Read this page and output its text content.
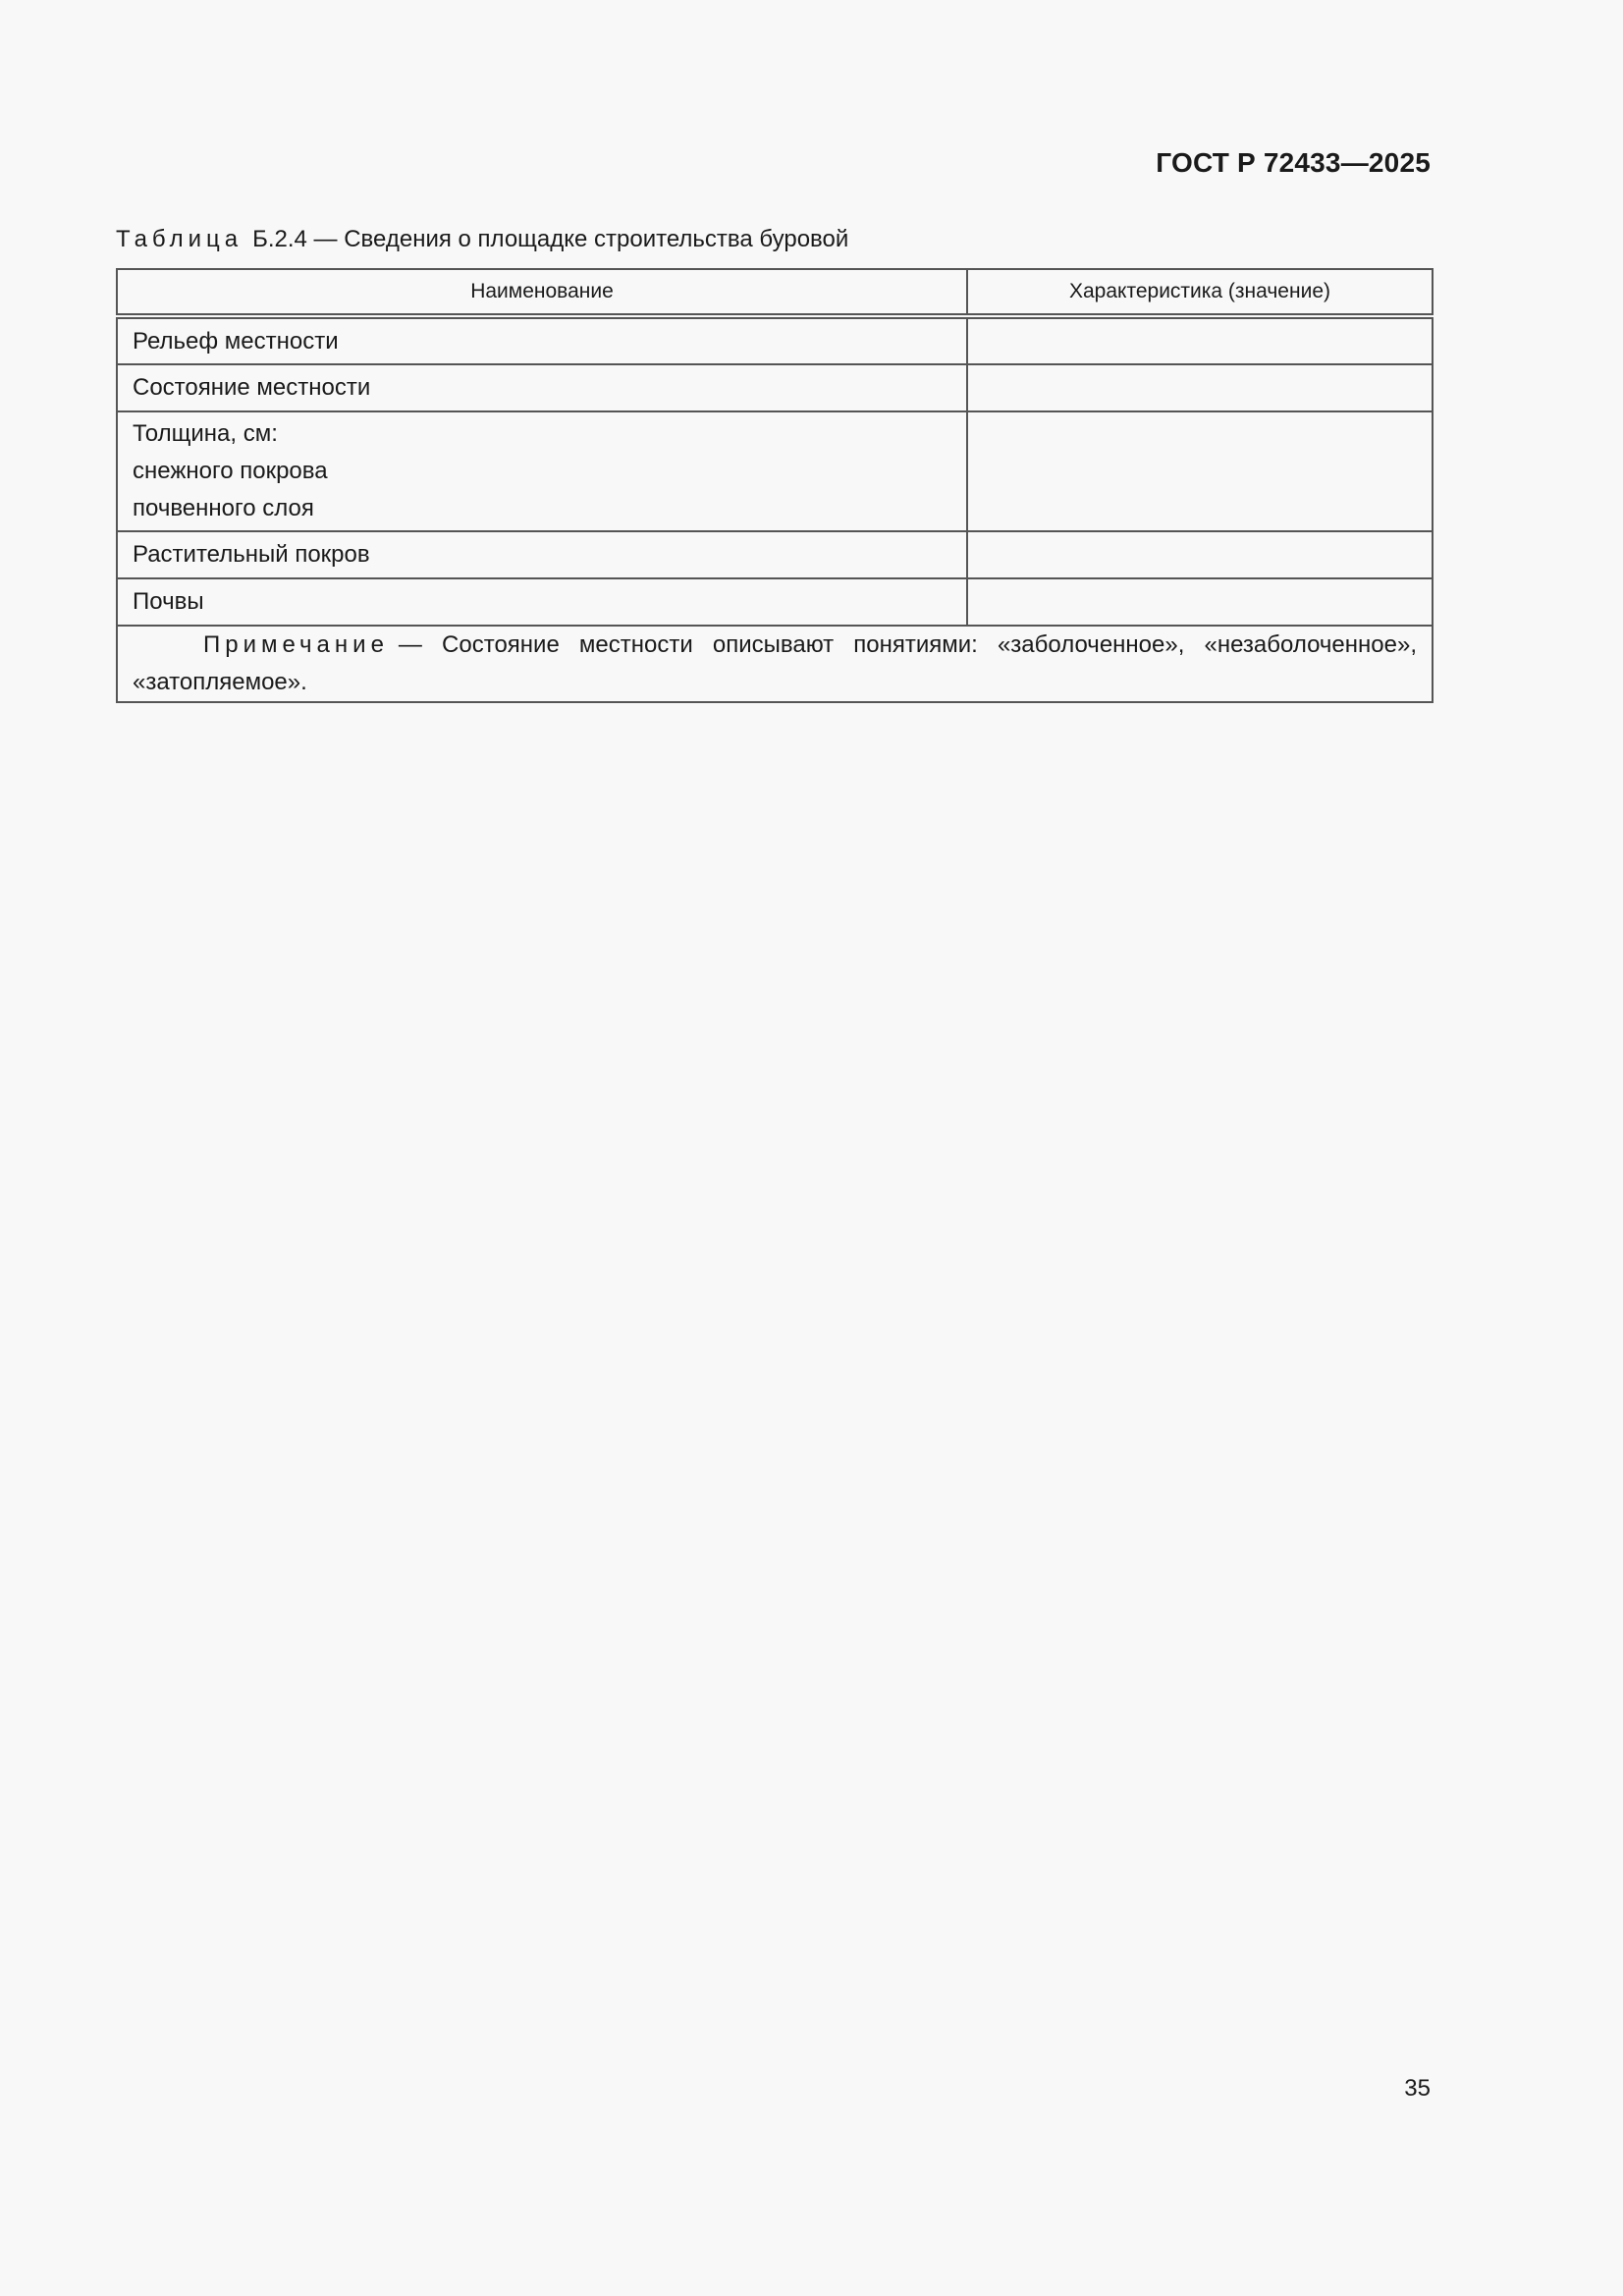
ГОСТ Р 72433—2025
Таблица Б.2.4 — Сведения о площадке строительства буровой
Наименование	Характеристика (значение)
Рельеф местности	
Состояние местности	

Толщина, см:
снежного покрова
почвенного слоя	

Растительный покров	
Почвы	
Примечание — Состояние местности описывают понятиями: «заболоченное», «незаболоченное», «затопляемое».	
35
